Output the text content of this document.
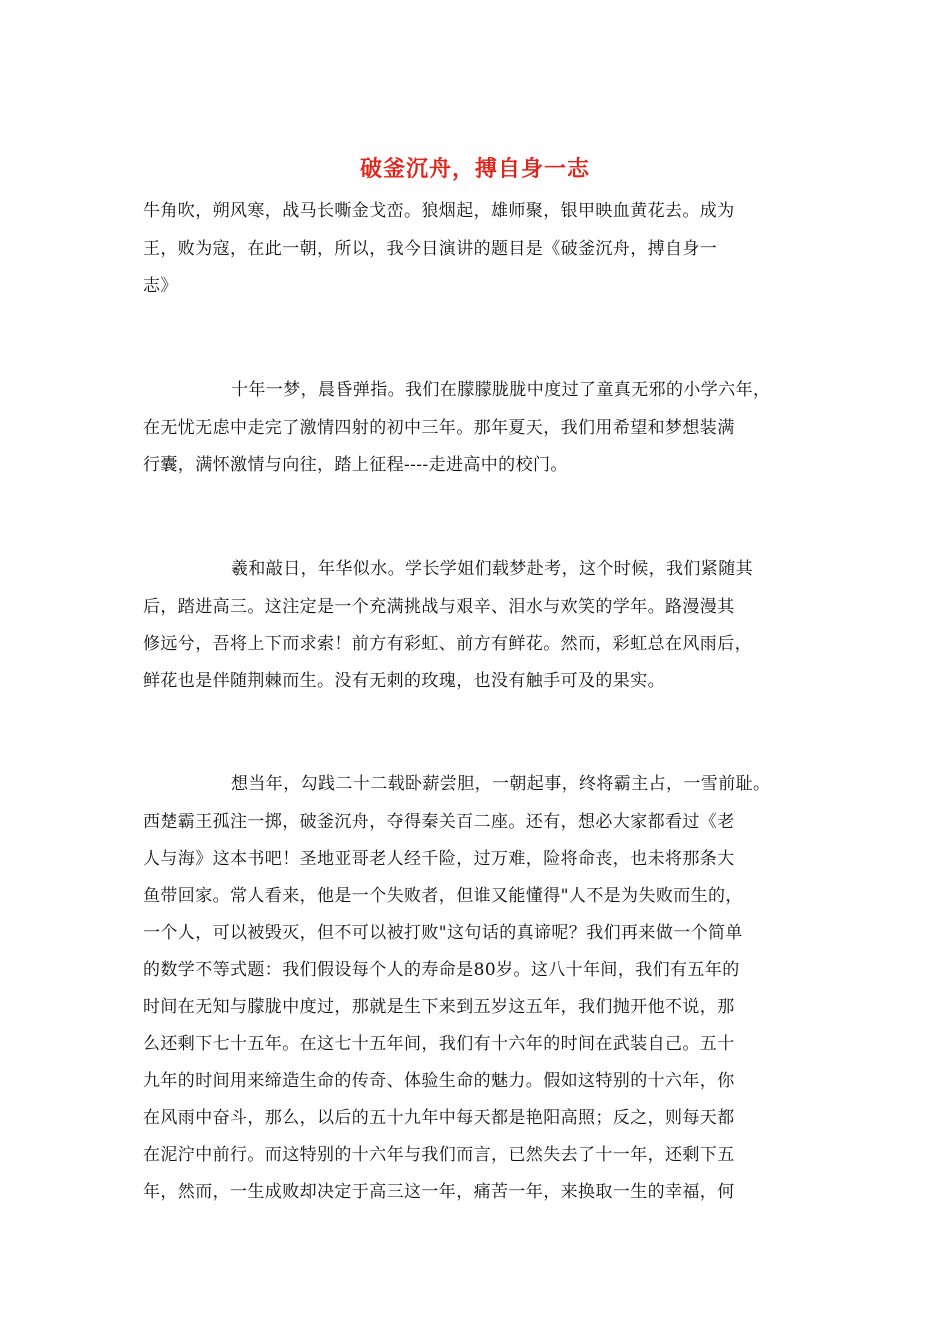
破釜沉舟，搏自身一志
牛角吹，朔风寒，战马长嘶金戈峦。狼烟起，雄师聚，银甲映血黄花去。成为
王，败为寇，在此一朝，所以，我今日演讲的题目是《破釜沉舟，搏自身一
志》
十年一梦，晨昏弹指。我们在朦朦胧胧中度过了童真无邪的小学六年，
在无忧无虑中走完了激情四射的初中三年。那年夏天，我们用希望和梦想装满
行囊，满怀激情与向往，踏上征程----走进高中的校门。
羲和敲日，年华似水。学长学姐们载梦赴考，这个时候，我们紧随其
后，踏进高三。这注定是一个充满挑战与艰辛、泪水与欢笑的学年。路漫漫其
修远兮，吾将上下而求索！前方有彩虹、前方有鲜花。然而，彩虹总在风雨后，
鲜花也是伴随荆棘而生。没有无刺的玫瑰，也没有触手可及的果实。
想当年，勾践二十二载卧薪尝胆，一朝起事，终将霸主占，一雪前耻。
西楚霸王孤注一掷，破釜沉舟，夺得秦关百二座。还有，想必大家都看过《老
人与海》这本书吧！圣地亚哥老人经千险，过万难，险将命丧，也未将那条大
鱼带回家。常人看来，他是一个失败者，但谁又能懂得"人不是为失败而生的，
一个人，可以被毁灭，但不可以被打败"这句话的真谛呢？我们再来做一个简单
的数学不等式题：我们假设每个人的寿命是80岁。这八十年间，我们有五年的
时间在无知与朦胧中度过，那就是生下来到五岁这五年，我们抛开他不说，那
么还剩下七十五年。在这七十五年间，我们有十六年的时间在武装自己。五十
九年的时间用来缔造生命的传奇、体验生命的魅力。假如这特别的十六年，你
在风雨中奋斗，那么，以后的五十九年中每天都是艳阳高照；反之，则每天都
在泥泞中前行。而这特别的十六年与我们而言，已然失去了十一年，还剩下五
年，然而，一生成败却决定于高三这一年，痛苦一年，来换取一生的幸福，何
